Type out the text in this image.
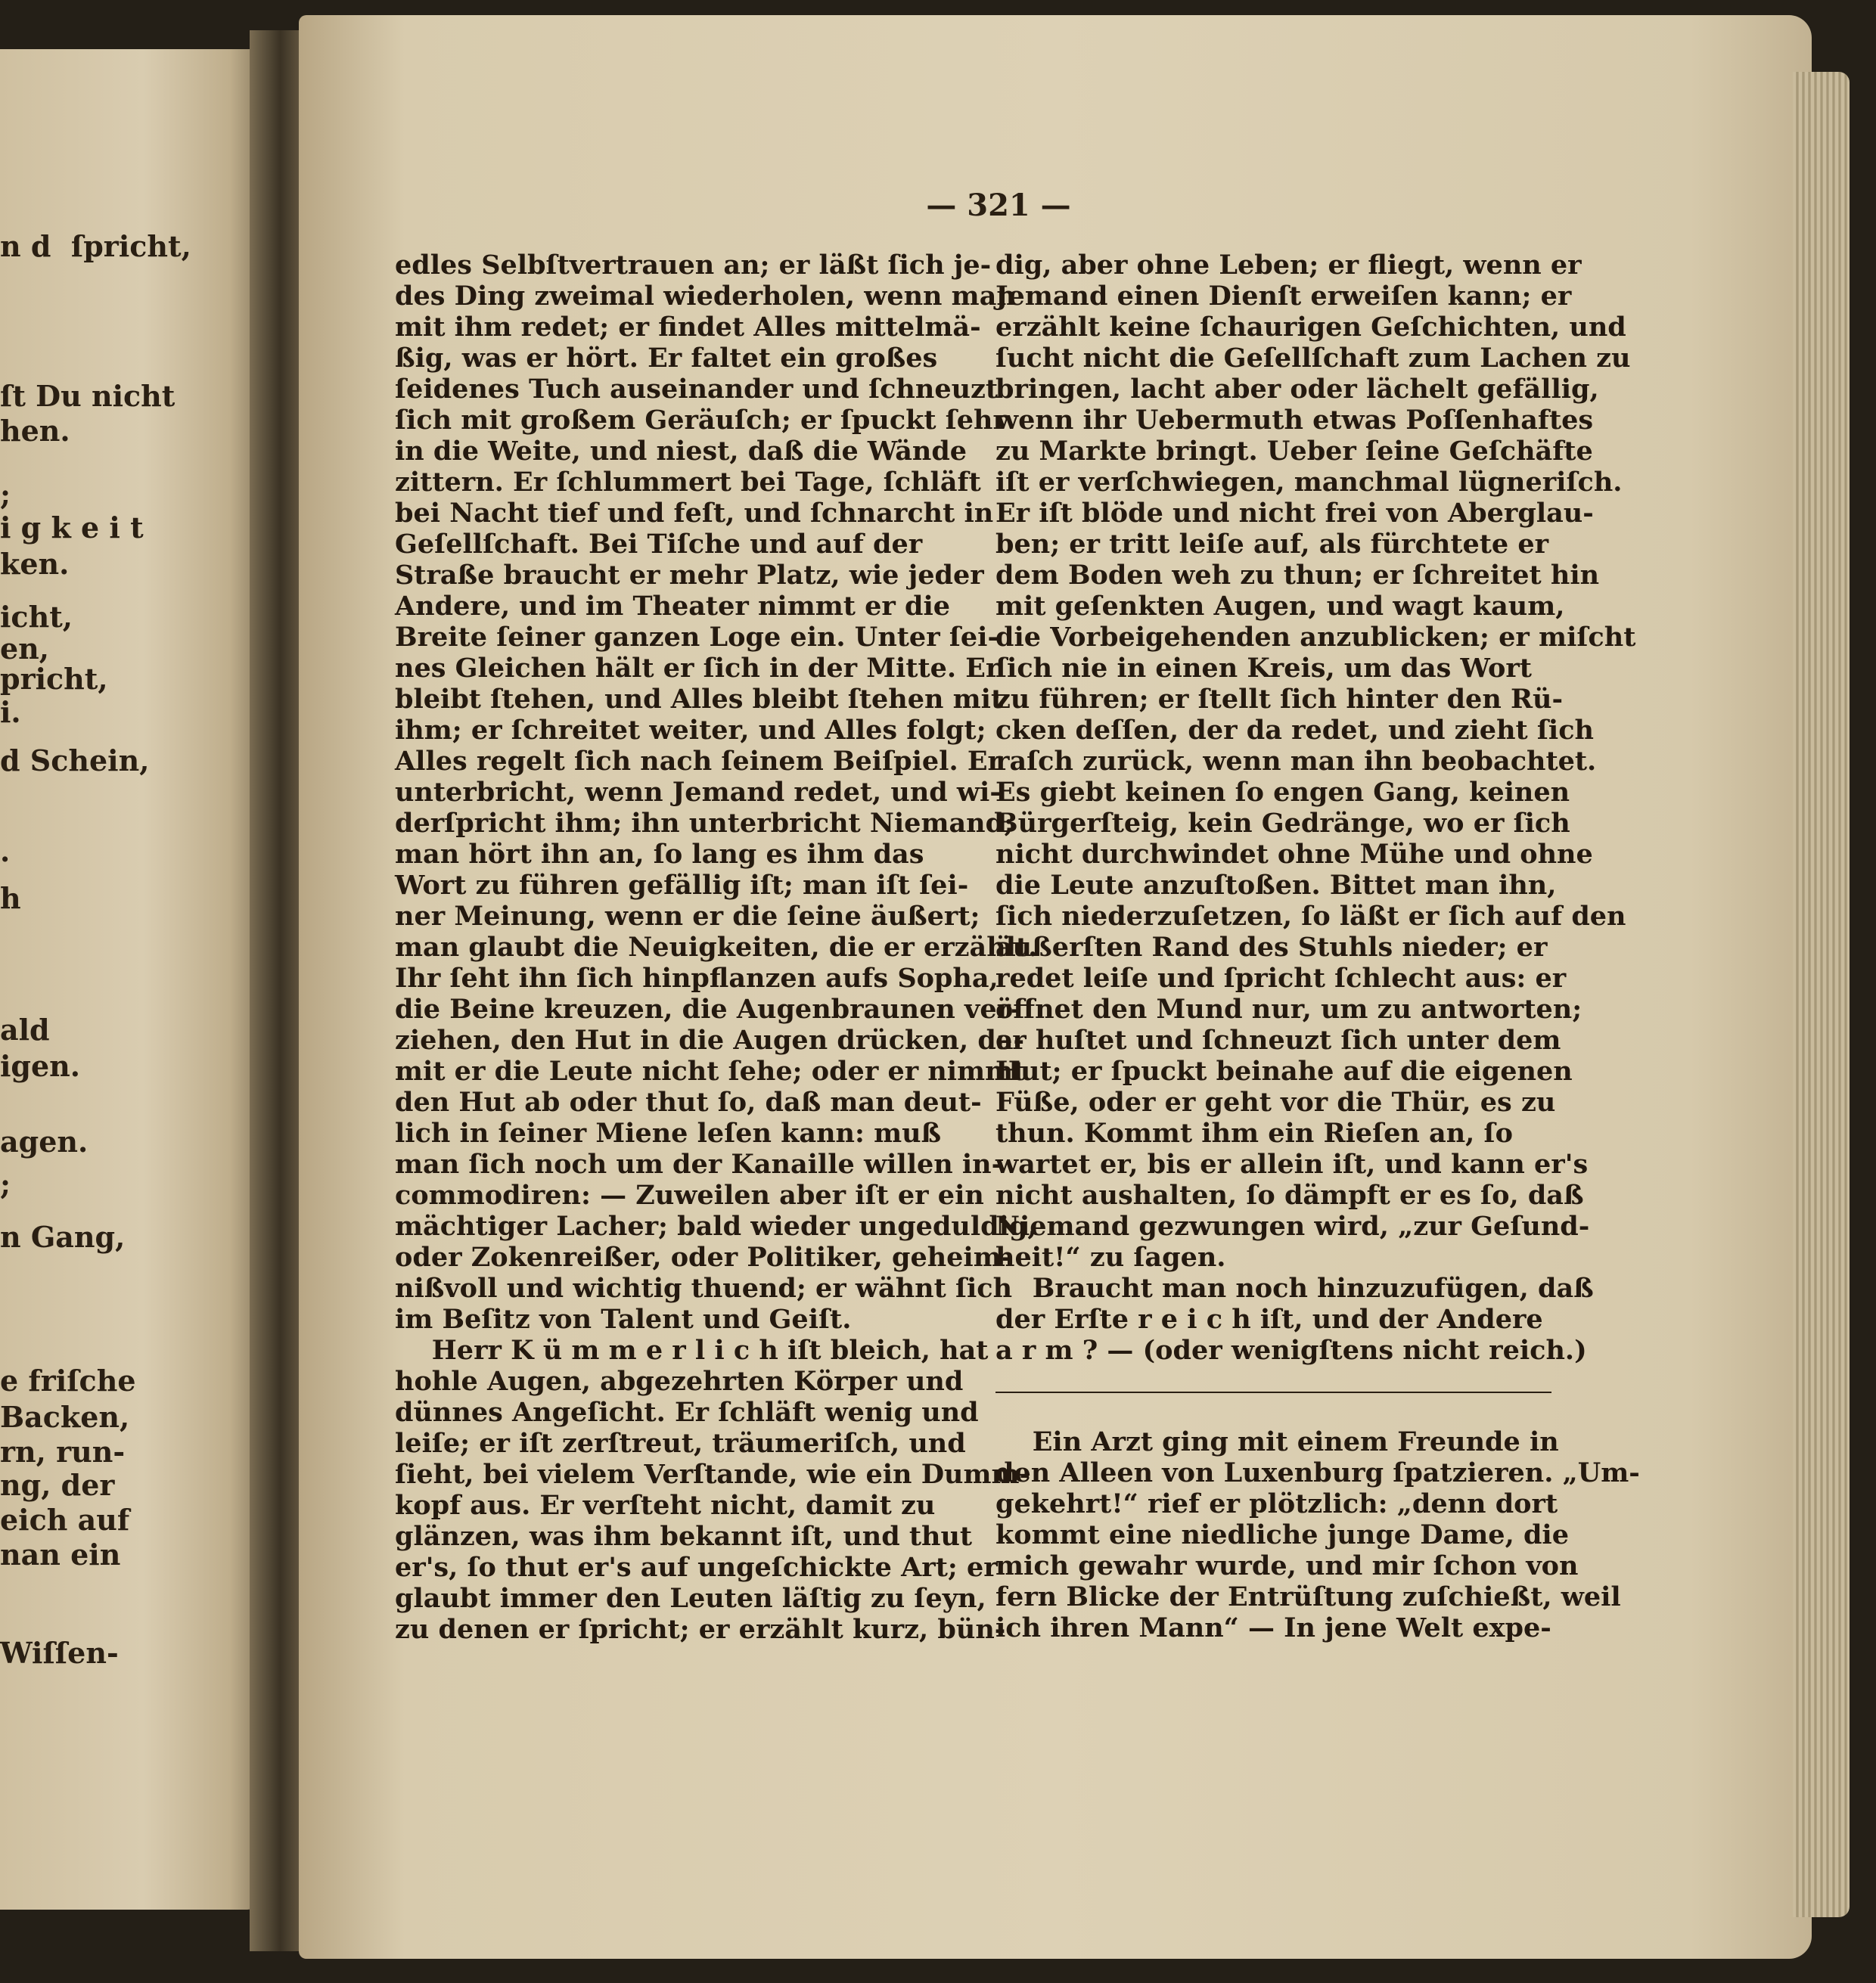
n d  ſpricht,
ſt Du nicht
hen.
;
i g k e i t
ken.
icht,
en,
pricht,
i.
d Schein,
.
h
ald
igen.
agen.
;
n Gang,
e friſche
Backen,
rn, run-
ng, der
eich auf
nan ein
Wiſſen-
— 321 —
edles Selbſtvertrauen an; er läßt ſich je-
des Ding zweimal wiederholen, wenn man
mit ihm redet; er findet Alles mittelmä-
ßig, was er hört. Er faltet ein großes
ſeidenes Tuch auseinander und ſchneuzt
ſich mit großem Geräuſch; er ſpuckt ſehr
in die Weite, und niest, daß die Wände
zittern. Er ſchlummert bei Tage, ſchläft
bei Nacht tief und feſt, und ſchnarcht in
Geſellſchaft. Bei Tiſche und auf der
Straße braucht er mehr Platz, wie jeder
Andere, und im Theater nimmt er die
Breite ſeiner ganzen Loge ein. Unter ſei-
nes Gleichen hält er ſich in der Mitte. Er
bleibt ſtehen, und Alles bleibt ſtehen mit
ihm; er ſchreitet weiter, und Alles folgt;
Alles regelt ſich nach ſeinem Beiſpiel. Er
unterbricht, wenn Jemand redet, und wi-
derſpricht ihm; ihn unterbricht Niemand;
man hört ihn an, ſo lang es ihm das
Wort zu führen gefällig iſt; man iſt ſei-
ner Meinung, wenn er die ſeine äußert;
man glaubt die Neuigkeiten, die er erzählt.
Ihr ſeht ihn ſich hinpflanzen aufs Sopha,
die Beine kreuzen, die Augenbraunen ver-
ziehen, den Hut in die Augen drücken, da-
mit er die Leute nicht ſehe; oder er nimmt
den Hut ab oder thut ſo, daß man deut-
lich in ſeiner Miene leſen kann: muß
man ſich noch um der Kanaille willen in-
commodiren: — Zuweilen aber iſt er ein
mächtiger Lacher; bald wieder ungeduldig,
oder Zokenreißer, oder Politiker, geheim-
nißvoll und wichtig thuend; er wähnt ſich
im Beſitz von Talent und Geiſt.
Herr K ü m m e r l i c h iſt bleich, hat
hohle Augen, abgezehrten Körper und
dünnes Angeſicht. Er ſchläft wenig und
leiſe; er iſt zerſtreut, träumeriſch, und
ſieht, bei vielem Verſtande, wie ein Dumm-
kopf aus. Er verſteht nicht, damit zu
glänzen, was ihm bekannt iſt, und thut
er's, ſo thut er's auf ungeſchickte Art; er
glaubt immer den Leuten läſtig zu ſeyn,
zu denen er ſpricht; er erzählt kurz, bün-
dig, aber ohne Leben; er fliegt, wenn er
Jemand einen Dienſt erweiſen kann; er
erzählt keine ſchaurigen Geſchichten, und
ſucht nicht die Geſellſchaft zum Lachen zu
bringen, lacht aber oder lächelt gefällig,
wenn ihr Uebermuth etwas Poſſenhaftes
zu Markte bringt. Ueber ſeine Geſchäfte
iſt er verſchwiegen, manchmal lügneriſch.
Er iſt blöde und nicht frei von Aberglau-
ben; er tritt leiſe auf, als fürchtete er
dem Boden weh zu thun; er ſchreitet hin
mit geſenkten Augen, und wagt kaum,
die Vorbeigehenden anzublicken; er miſcht
ſich nie in einen Kreis, um das Wort
zu führen; er ſtellt ſich hinter den Rü-
cken deſſen, der da redet, und zieht ſich
raſch zurück, wenn man ihn beobachtet.
Es giebt keinen ſo engen Gang, keinen
Bürgerſteig, kein Gedränge, wo er ſich
nicht durchwindet ohne Mühe und ohne
die Leute anzuſtoßen. Bittet man ihn,
ſich niederzuſetzen, ſo läßt er ſich auf den
äußerſten Rand des Stuhls nieder; er
redet leiſe und ſpricht ſchlecht aus: er
öffnet den Mund nur, um zu antworten;
er huſtet und ſchneuzt ſich unter dem
Hut; er ſpuckt beinahe auf die eigenen
Füße, oder er geht vor die Thür, es zu
thun. Kommt ihm ein Rieſen an, ſo
wartet er, bis er allein iſt, und kann er's
nicht aushalten, ſo dämpft er es ſo, daß
Niemand gezwungen wird, „zur Geſund-
heit!“ zu ſagen.
Braucht man noch hinzuzufügen, daß
der Erſte r e i c h iſt, und der Andere
a r m ? — (oder wenigſtens nicht reich.)
Ein Arzt ging mit einem Freunde in
den Alleen von Luxenburg ſpatzieren. „Um-
gekehrt!“ rief er plötzlich: „denn dort
kommt eine niedliche junge Dame, die
mich gewahr wurde, und mir ſchon von
fern Blicke der Entrüſtung zuſchießt, weil
ich ihren Mann“ — In jene Welt expe-
